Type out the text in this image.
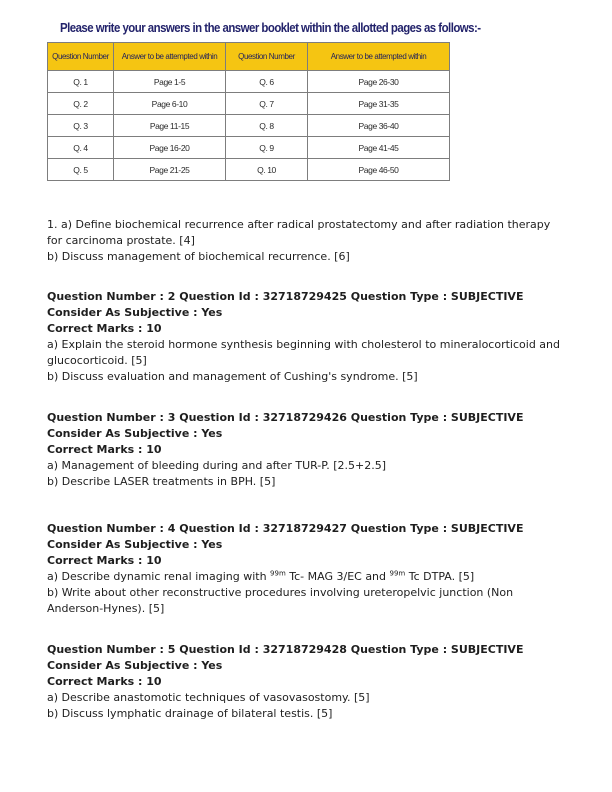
Please write your answers in the answer booklet within the allotted pages as follows:-
Question Number	Answer to be attempted within	Question Number	Answer to be attempted within
Q. 1	Page 1-5	Q. 6	Page 26-30
Q. 2	Page 6-10	Q. 7	Page 31-35
Q. 3	Page 11-15	Q. 8	Page 36-40
Q. 4	Page 16-20	Q. 9	Page 41-45
Q. 5	Page 21-25	Q. 10	Page 46-50

1. a) Define biochemical recurrence after radical prostatectomy and after radiation therapy for carcinoma prostate. [4]

b) Discuss management of biochemical recurrence. [6]

Question Number : 2 Question Id : 32718729425 Question Type : SUBJECTIVE Consider As Subjective : Yes

Correct Marks : 10

a) Explain the steroid hormone synthesis beginning with cholesterol to mineralocorticoid and glucocorticoid. [5]

b) Discuss evaluation and management of Cushing's syndrome. [5]

Question Number : 3 Question Id : 32718729426 Question Type : SUBJECTIVE Consider As Subjective : Yes

Correct Marks : 10

a) Management of bleeding during and after TUR-P. [2.5+2.5]

b) Describe LASER treatments in BPH. [5]

Question Number : 4 Question Id : 32718729427 Question Type : SUBJECTIVE Consider As Subjective : Yes

Correct Marks : 10

a) Describe dynamic renal imaging with $^{99m}$ Tc- MAG 3/EC and $^{99m}$ Tc DTPA. [5]

b) Write about other reconstructive procedures involving ureteropelvic junction (Non Anderson-Hynes). [5]

Question Number : 5 Question Id : 32718729428 Question Type : SUBJECTIVE Consider As Subjective : Yes

Correct Marks : 10

a) Describe anastomotic techniques of vasovasostomy. [5]

b) Discuss lymphatic drainage of bilateral testis. [5]
